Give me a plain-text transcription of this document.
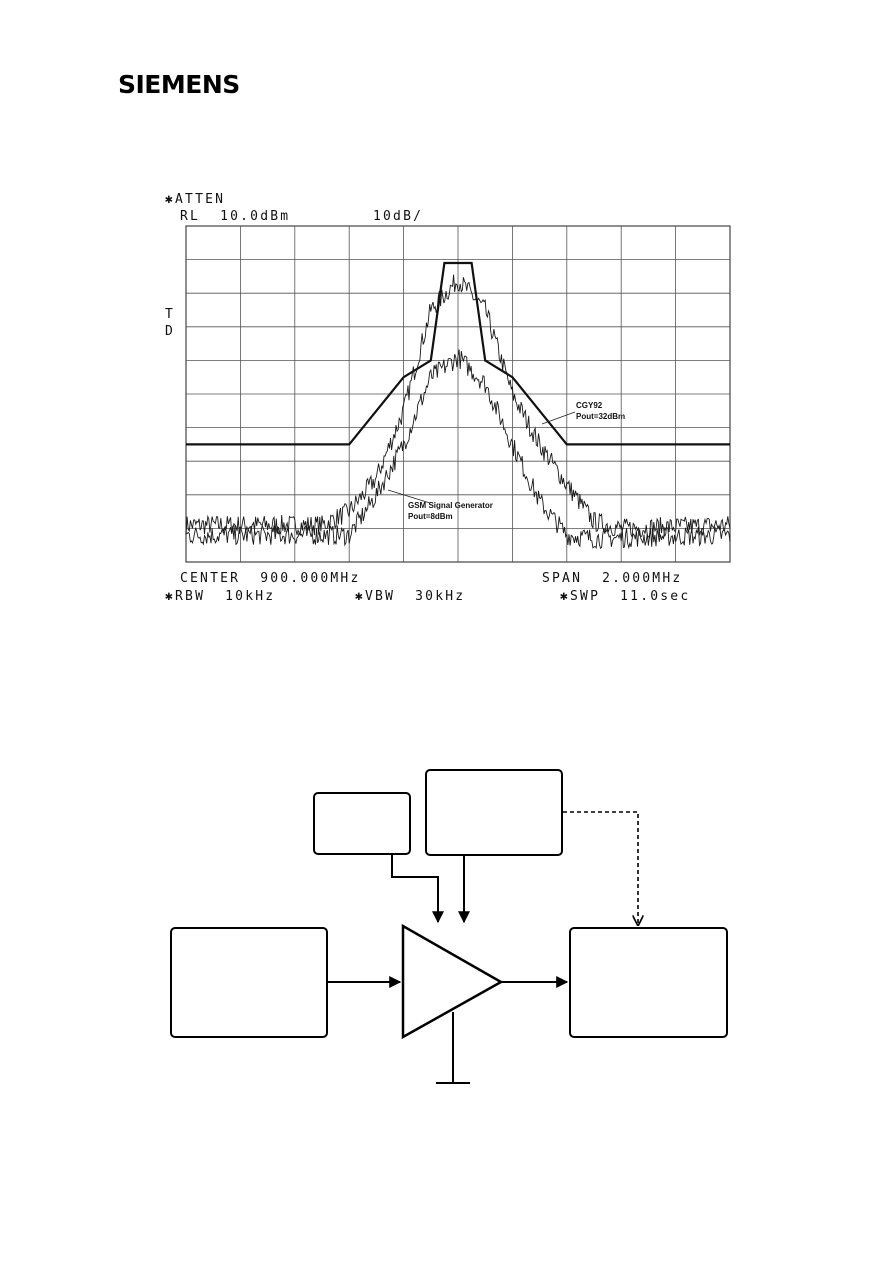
SIEMENS
✱ATTEN
RL  10.0dBm	10dB/
T
D
CENTER  900.000MHz	SPAN  2.000MHz
✱RBW  10kHz	✱VBW  30kHz	✱SWP  11.0sec
CGY92
Pout=32dBm
GSM Signal Generator
Pout=8dBm
